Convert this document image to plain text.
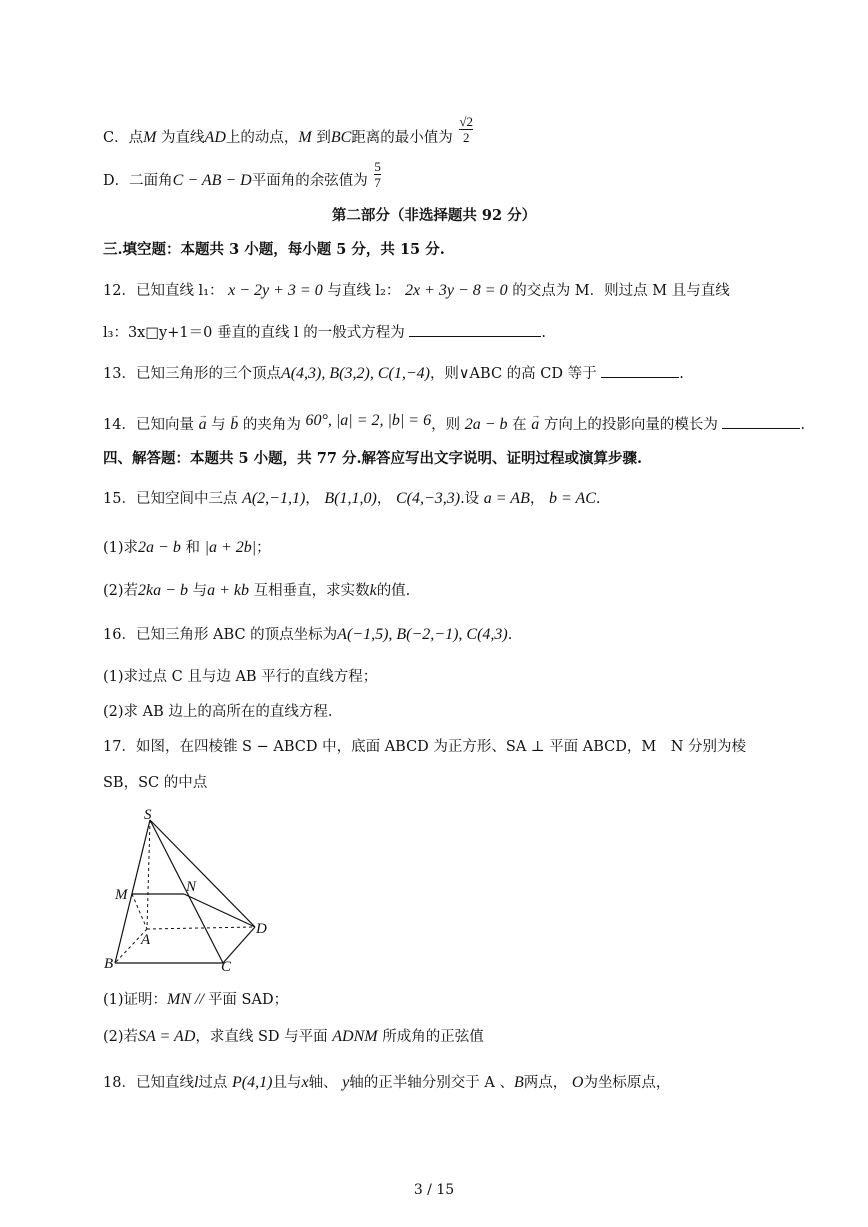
C．点M 为直线AD上的动点，M 到BC距离的最小值为 $\frac{√2}{2}$
D．二面角C − AB − D平面角的余弦值为 $\frac{5}{7}$
第二部分（非选择题共 92 分）
三.填空题：本题共 3 小题，每小题 5 分，共 15 分.
12．已知直线 l₁： x − 2y + 3 = 0 与直线 l₂： 2x + 3y − 8 = 0 的交点为 M．则过点 M 且与直线
l₃：3x□y+1＝0 垂直的直线 l 的一般式方程为	.
13．已知三角形的三个顶点A(4,3), B(3,2), C(1,−4)，则∨ABC 的高 CD 等于	.
14．已知向量 → a 与 → b 的夹角为 60°, |a| = 2, |b| = 6，则 2a − b 在 → a 方向上的投影向量的模长为	.
四、解答题：本题共 5 小题，共 77 分.解答应写出文字说明、证明过程或演算步骤.
15．已知空间中三点 A(2,−1,1)， B(1,1,0)， C(4,−3,3).设 a = AB， b = AC.
(1)求2a − b 和 |a + 2b|；
(2)若2ka − b 与a + kb 互相垂直，求实数k的值.
16．已知三角形 ABC 的顶点坐标为A(−1,5), B(−2,−1), C(4,3).
(1)求过点 C 且与边 AB 平行的直线方程；
(2)求 AB 边上的高所在的直线方程.
17．如图，在四棱锥 S − ABCD 中，底面 ABCD 为正方形、SA ⊥ 平面 ABCD，M　N 分别为棱
SB，SC 的中点
S
M	N
A
B	C
D
(1)证明：MN // 平面 SAD；
(2)若SA = AD，求直线 SD 与平面 ADNM 所成角的正弦值
18．已知直线l过点 P(4,1)且与x轴、 y轴的正半轴分别交于 A 、B两点， O为坐标原点，
3 / 15
